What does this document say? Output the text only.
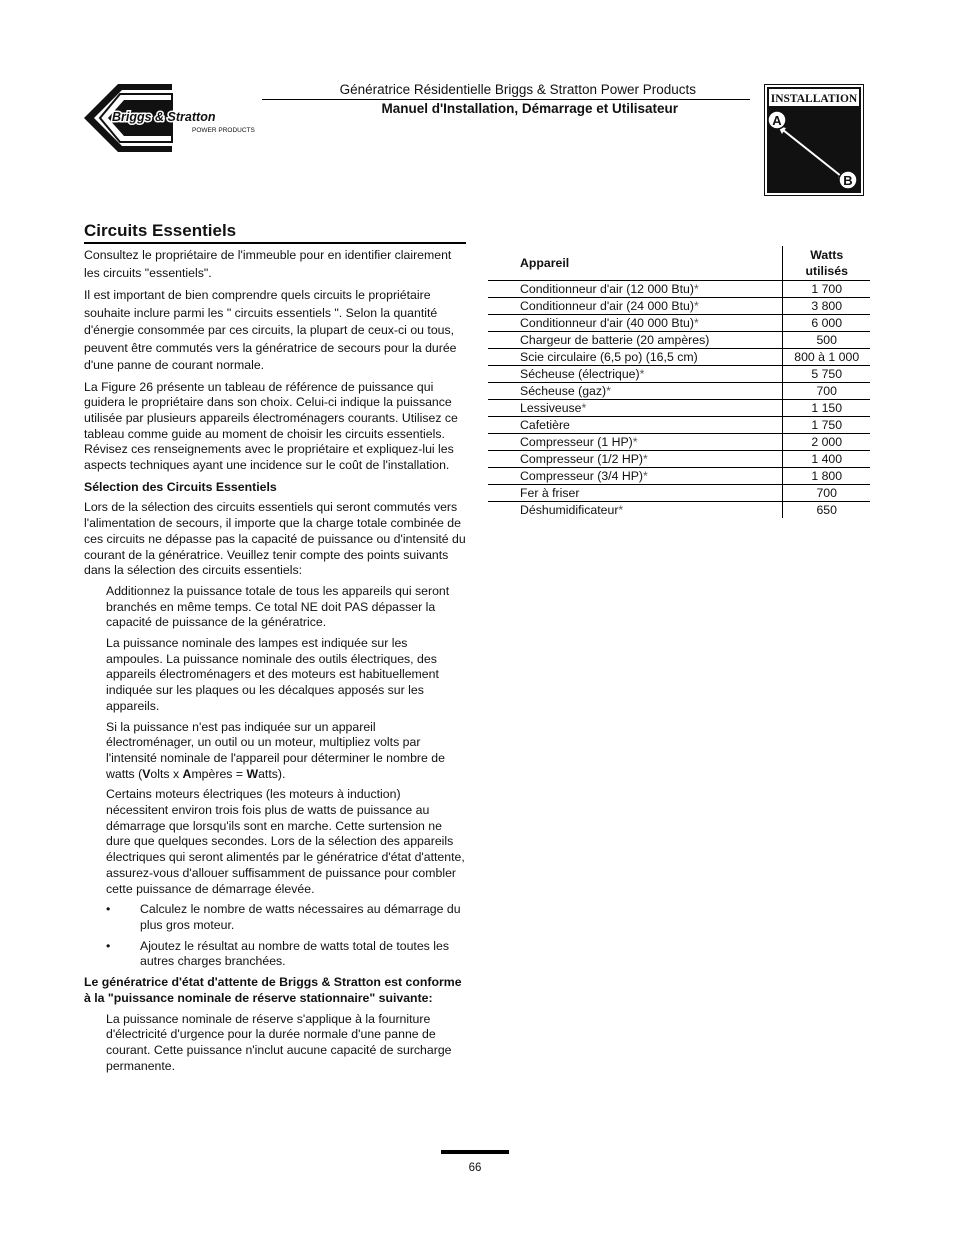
Briggs & Stratton
POWER PRODUCTS
Génératrice Résidentielle Briggs & Stratton Power Products
Manuel d'Installation, Démarrage et Utilisateur
INSTALLATION
A
B
Circuits Essentiels

Consultez le propriétaire de l'immeuble pour en identifier clairement les circuits "essentiels".

Il est important de bien comprendre quels circuits le propriétaire souhaite inclure parmi les " circuits essentiels ". Selon la quantité d'énergie consommée par ces circuits, la plupart de ceux-ci ou tous, peuvent être commutés vers la génératrice de secours pour la durée d'une panne de courant normale.

La Figure 26 présente un tableau de référence de puissance qui guidera le propriétaire dans son choix. Celui-ci indique la puissance utilisée par plusieurs appareils électroménagers courants. Utilisez ce tableau comme guide au moment de choisir les circuits essentiels. Révisez ces renseignements avec le propriétaire et expliquez-lui les aspects techniques ayant une incidence sur le coût de l'installation.

Sélection des Circuits Essentiels

Lors de la sélection des circuits essentiels qui seront commutés vers l'alimentation de secours, il importe que la charge totale combinée de ces circuits ne dépasse pas la capacité de puissance ou d'intensité du courant de la génératrice. Veuillez tenir compte des points suivants dans la sélection des circuits essentiels:

Additionnez la puissance totale de tous les appareils qui seront branchés en même temps. Ce total NE doit PAS dépasser la capacité de puissance de la génératrice.

La puissance nominale des lampes est indiquée sur les ampoules. La puissance nominale des outils électriques, des appareils électroménagers et des moteurs est habituellement indiquée sur les plaques ou les décalques apposés sur les appareils.

Si la puissance n'est pas indiquée sur un appareil électroménager, un outil ou un moteur, multipliez volts par l'intensité nominale de l'appareil pour déterminer le nombre de watts (Volts x Ampères = Watts).

Certains moteurs électriques (les moteurs à induction) nécessitent environ trois fois plus de watts de puissance au démarrage que lorsqu'ils sont en marche. Cette surtension ne dure que quelques secondes. Lors de la sélection des appareils électriques qui seront alimentés par le génératrice d'état d'attente, assurez-vous d'allouer suffisamment de puissance pour combler cette puissance de démarrage élevée.

• Calculez le nombre de watts nécessaires au démarrage du plus gros moteur.
• Ajoutez le résultat au nombre de watts total de toutes les autres charges branchées.

Le génératrice d'état d'attente de Briggs & Stratton est conforme à la "puissance nominale de réserve stationnaire" suivante:

La puissance nominale de réserve s'applique à la fourniture d'électricité d'urgence pour la durée normale d'une panne de courant. Cette puissance n'inclut aucune capacité de surcharge permanente.

Appareil	Watts
utilisés
Conditionneur d'air (12 000 Btu)*	1 700
Conditionneur d'air (24 000 Btu)*	3 800
Conditionneur d'air (40 000 Btu)*	6 000
Chargeur de batterie (20 ampères)	500
Scie circulaire (6,5 po) (16,5 cm)	800 à 1 000
Sécheuse (électrique)*	5 750
Sécheuse (gaz)*	700
Lessiveuse*	1 150
Cafetière	1 750
Compresseur (1 HP)*	2 000
Compresseur (1/2 HP)*	1 400
Compresseur (3/4 HP)*	1 800
Fer à friser	700
Déshumidificateur*	650
66
